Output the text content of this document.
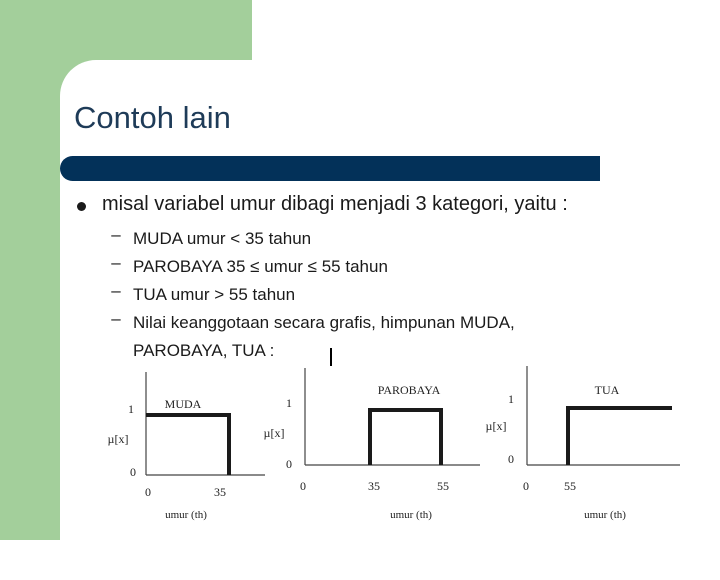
Contoh lain
misal variabel umur dibagi menjadi 3 kategori, yaitu :
– MUDA umur < 35 tahun
– PAROBAYA 35 ≤ umur ≤ 55 tahun
– TUA umur > 55 tahun
– Nilai keanggotaan secara grafis, himpunan MUDA, PAROBAYA, TUA :
MUDA
1
µ[x]
0
0	35
umur (th)
PAROBAYA
1
µ[x]
0
0	35	55
umur (th)
TUA
1
µ[x]
0
0	55
umur (th)
